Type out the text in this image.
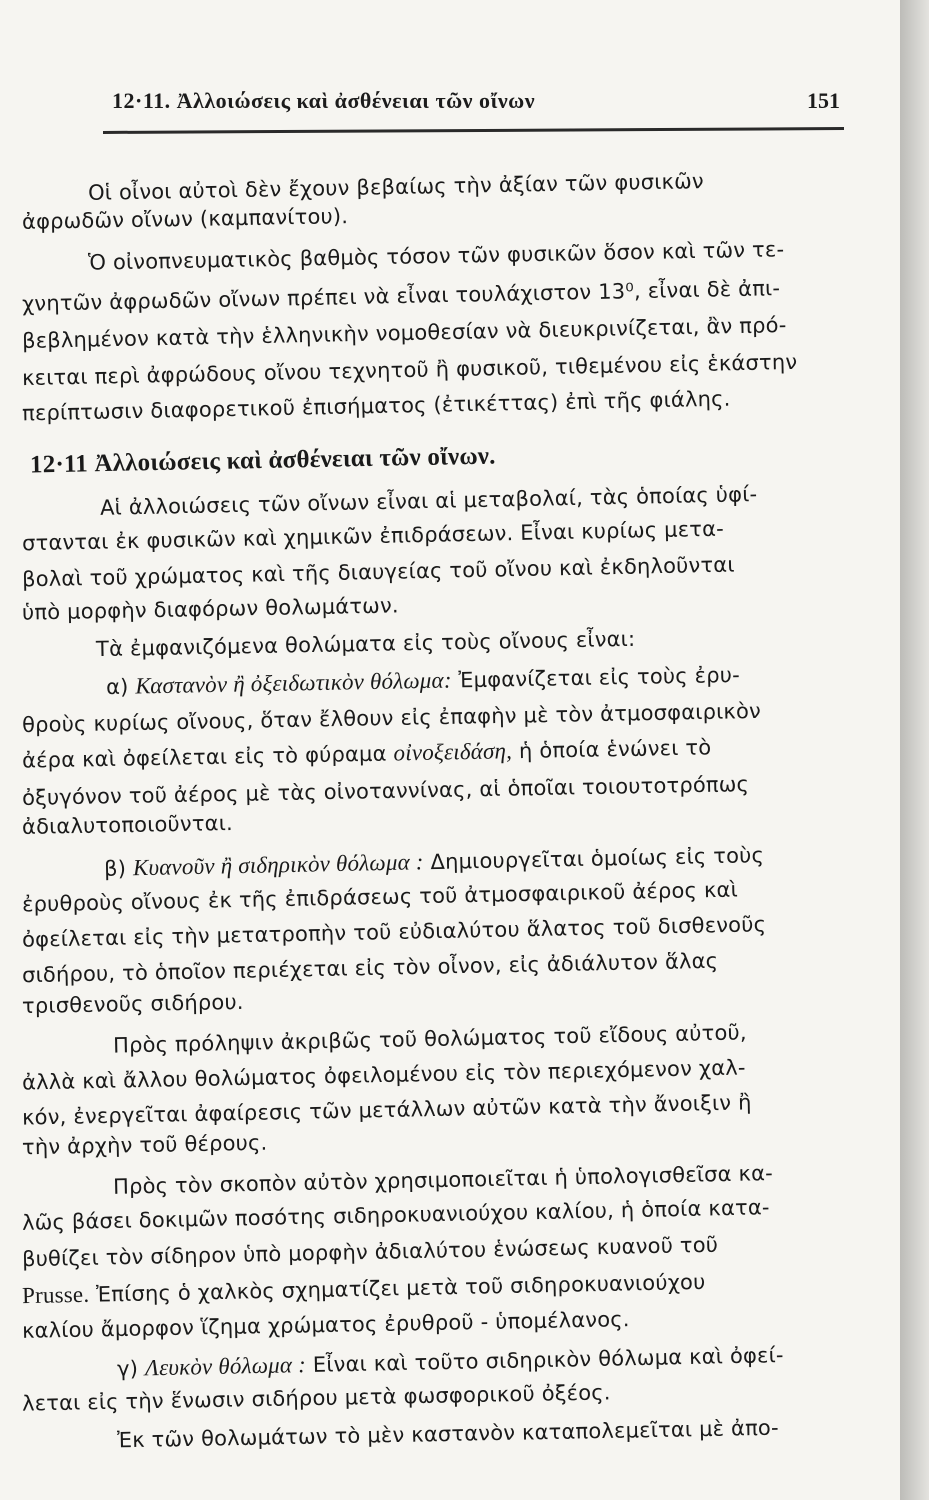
12·11. Ἀλλοιώσεις καὶ ἀσθένειαι τῶν οἴνων	151
Οἱ οἶνοι αὐτοὶ δὲν ἔχουν βεβαίως τὴν ἀξίαν τῶν φυσικῶν
ἀφρωδῶν οἴνων (καμπανίτου).
Ὁ οἰνοπνευματικὸς βαθμὸς τόσον τῶν φυσικῶν ὅσον καὶ τῶν τε-
χνητῶν ἀφρωδῶν οἴνων πρέπει νὰ εἶναι τουλάχιστον 13⁰, εἶναι δὲ ἀπι-
βεβλημένον κατὰ τὴν ἑλληνικὴν νομοθεσίαν νὰ διευκρινίζεται, ἂν πρό-
κειται περὶ ἀφρώδους οἴνου τεχνητοῦ ἢ φυσικοῦ, τιθεμένου εἰς ἑκάστην
περίπτωσιν διαφορετικοῦ ἐπισήματος (ἐτικέττας) ἐπὶ τῆς φιάλης.
12·11 Ἀλλοιώσεις καὶ ἀσθένειαι τῶν οἴνων.
Αἱ ἀλλοιώσεις τῶν οἴνων εἶναι αἱ μεταβολαί, τὰς ὁποίας ὑφί-
στανται ἐκ φυσικῶν καὶ χημικῶν ἐπιδράσεων. Εἶναι κυρίως μετα-
βολαὶ τοῦ χρώματος καὶ τῆς διαυγείας τοῦ οἴνου καὶ ἐκδηλοῦνται
ὑπὸ μορφὴν διαφόρων θολωμάτων.
Τὰ ἐμφανιζόμενα θολώματα εἰς τοὺς οἴνους εἶναι:
α) Καστανὸν ἢ ὀξειδωτικὸν θόλωμα: Ἐμφανίζεται εἰς τοὺς ἐρυ-
θροὺς κυρίως οἴνους, ὅταν ἔλθουν εἰς ἐπαφὴν μὲ τὸν ἀτμοσφαιρικὸν
ἀέρα καὶ ὀφείλεται εἰς τὸ φύραμα οἰνοξειδάση, ἡ ὁποία ἑνώνει τὸ
ὀξυγόνον τοῦ ἀέρος μὲ τὰς οἰνοταννίνας, αἱ ὁποῖαι τοιουτοτρόπως
ἀδιαλυτοποιοῦνται.
β) Κυανοῦν ἢ σιδηρικὸν θόλωμα : Δημιουργεῖται ὁμοίως εἰς τοὺς
ἐρυθροὺς οἴνους ἐκ τῆς ἐπιδράσεως τοῦ ἀτμοσφαιρικοῦ ἀέρος καὶ
ὀφείλεται εἰς τὴν μετατροπὴν τοῦ εὐδιαλύτου ἅλατος τοῦ δισθενοῦς
σιδήρου, τὸ ὁποῖον περιέχεται εἰς τὸν οἶνον, εἰς ἀδιάλυτον ἅλας
τρισθενοῦς σιδήρου.
Πρὸς πρόληψιν ἀκριβῶς τοῦ θολώματος τοῦ εἴδους αὐτοῦ,
ἀλλὰ καὶ ἄλλου θολώματος ὀφειλομένου εἰς τὸν περιεχόμενον χαλ-
κόν, ἐνεργεῖται ἀφαίρεσις τῶν μετάλλων αὐτῶν κατὰ τὴν ἄνοιξιν ἢ
τὴν ἀρχὴν τοῦ θέρους.
Πρὸς τὸν σκοπὸν αὐτὸν χρησιμοποιεῖται ἡ ὑπολογισθεῖσα κα-
λῶς βάσει δοκιμῶν ποσότης σιδηροκυανιούχου καλίου, ἡ ὁποία κατα-
βυθίζει τὸν σίδηρον ὑπὸ μορφὴν ἀδιαλύτου ἑνώσεως κυανοῦ τοῦ
Prusse. Ἐπίσης ὁ χαλκὸς σχηματίζει μετὰ τοῦ σιδηροκυανιούχου
καλίου ἄμορφον ἵζημα χρώματος ἐρυθροῦ - ὑπομέλανος.
γ) Λευκὸν θόλωμα : Εἶναι καὶ τοῦτο σιδηρικὸν θόλωμα καὶ ὀφεί-
λεται εἰς τὴν ἕνωσιν σιδήρου μετὰ φωσφορικοῦ ὀξέος.
Ἐκ τῶν θολωμάτων τὸ μὲν καστανὸν καταπολεμεῖται μὲ ἀπο-
